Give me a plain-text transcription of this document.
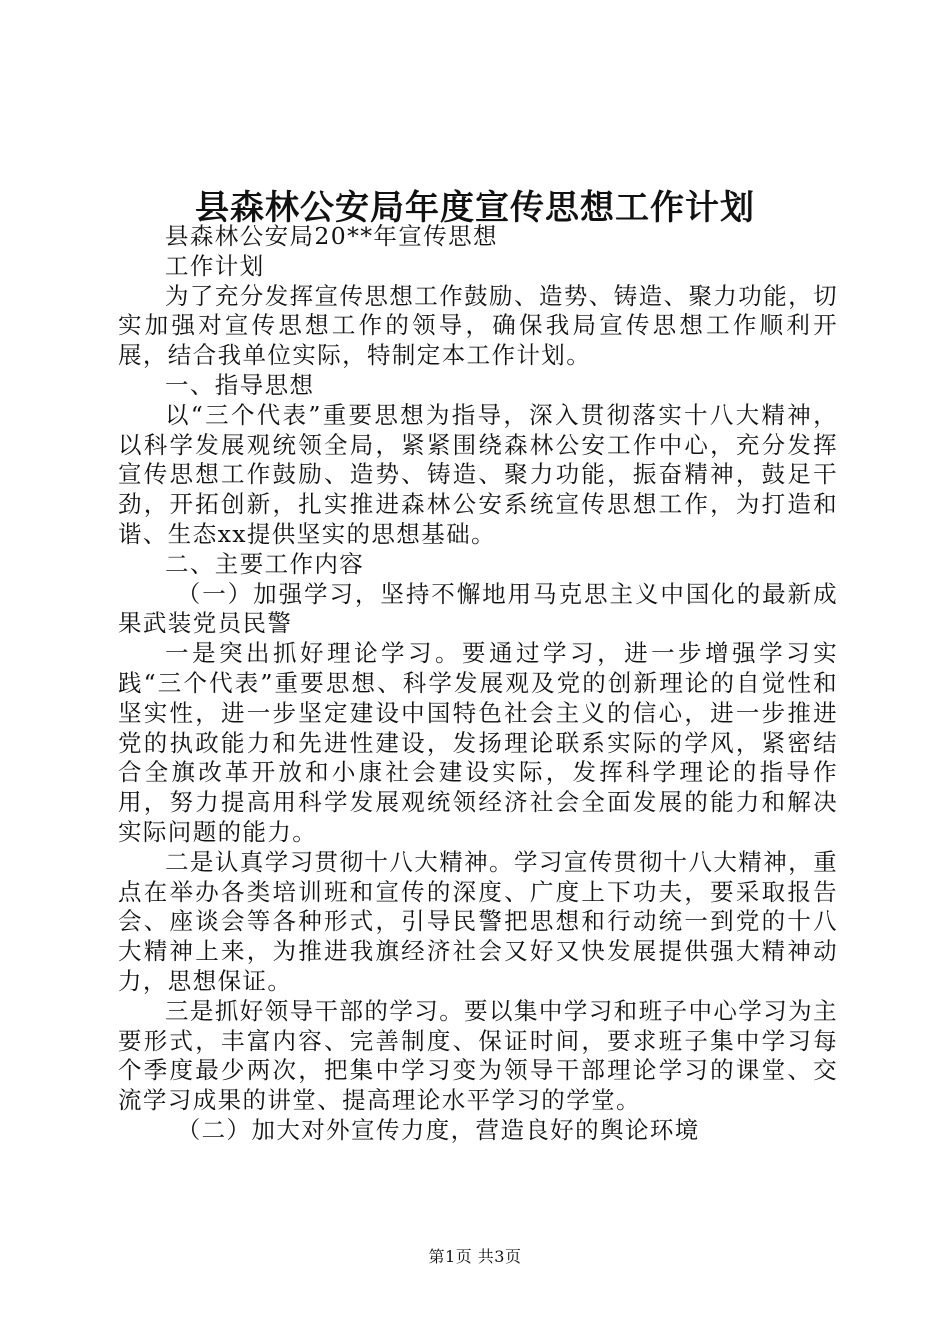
县森林公安局年度宣传思想工作计划

县森林公安局20**年宣传思想

工作计划

为了充分发挥宣传思想工作鼓励、造势、铸造、聚力功能，切实加强对宣传思想工作的领导，确保我局宣传思想工作顺利开展，结合我单位实际，特制定本工作计划。

一、指导思想

以“三个代表”重要思想为指导，深入贯彻落实十八大精神，以科学发展观统领全局，紧紧围绕森林公安工作中心，充分发挥宣传思想工作鼓励、造势、铸造、聚力功能，振奋精神，鼓足干劲，开拓创新，扎实推进森林公安系统宣传思想工作，为打造和谐、生态xx提供坚实的思想基础。

二、主要工作内容

（一）加强学习，坚持不懈地用马克思主义中国化的最新成果武装党员民警

一是突出抓好理论学习。要通过学习，进一步增强学习实践“三个代表”重要思想、科学发展观及党的创新理论的自觉性和坚实性，进一步坚定建设中国特色社会主义的信心，进一步推进党的执政能力和先进性建设，发扬理论联系实际的学风，紧密结合全旗改革开放和小康社会建设实际，发挥科学理论的指导作用，努力提高用科学发展观统领经济社会全面发展的能力和解决实际问题的能力。

二是认真学习贯彻十八大精神。学习宣传贯彻十八大精神，重点在举办各类培训班和宣传的深度、广度上下功夫，要采取报告会、座谈会等各种形式，引导民警把思想和行动统一到党的十八大精神上来，为推进我旗经济社会又好又快发展提供强大精神动力，思想保证。

三是抓好领导干部的学习。要以集中学习和班子中心学习为主要形式，丰富内容、完善制度、保证时间，要求班子集中学习每个季度最少两次，把集中学习变为领导干部理论学习的课堂、交流学习成果的讲堂、提高理论水平学习的学堂。

（二）加大对外宣传力度，营造良好的舆论环境

第1页 共3页
